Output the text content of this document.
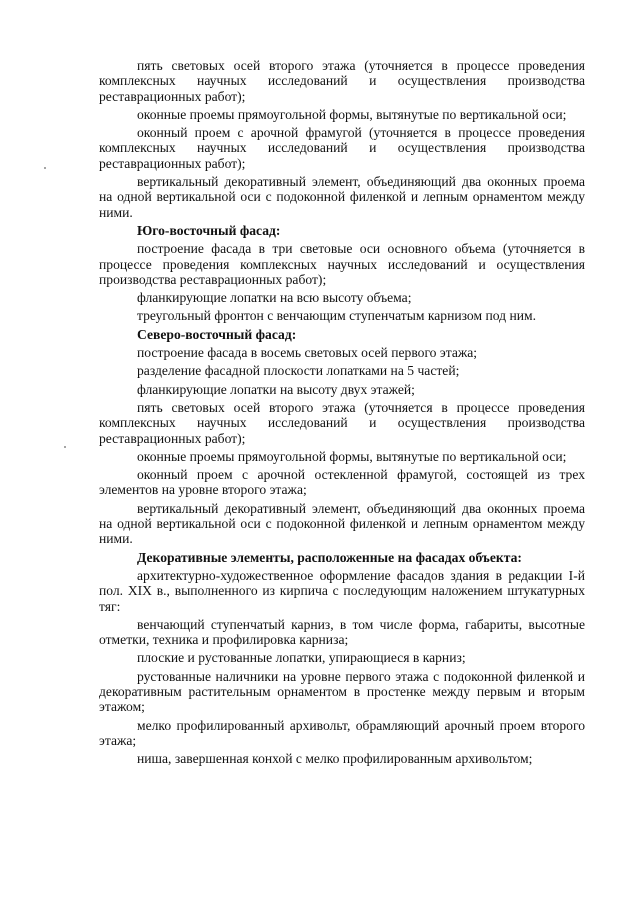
пять световых осей второго этажа (уточняется в процессе проведения комплексных научных исследований и осуществления производства реставрационных работ);

оконные проемы прямоугольной формы, вытянутые по вертикальной оси;

оконный проем с арочной фрамугой (уточняется в процессе проведения комплексных научных исследований и осуществления производства реставрационных работ);

вертикальный декоративный элемент, объединяющий два оконных проема на одной вертикальной оси с подоконной филенкой и лепным орнаментом между ними.

Юго-восточный фасад:

построение фасада в три световые оси основного объема (уточняется в процессе проведения комплексных научных исследований и осуществления производства реставрационных работ);

фланкирующие лопатки на всю высоту объема;

треугольный фронтон с венчающим ступенчатым карнизом под ним.

Северо-восточный фасад:

построение фасада в восемь световых осей первого этажа;

разделение фасадной плоскости лопатками на 5 частей;

фланкирующие лопатки на высоту двух этажей;

пять световых осей второго этажа (уточняется в процессе проведения комплексных научных исследований и осуществления производства реставрационных работ);

оконные проемы прямоугольной формы, вытянутые по вертикальной оси;

оконный проем с арочной остекленной фрамугой, состоящей из трех элементов на уровне второго этажа;

вертикальный декоративный элемент, объединяющий два оконных проема на одной вертикальной оси с подоконной филенкой и лепным орнаментом между ними.

Декоративные элементы, расположенные на фасадах объекта:

архитектурно-художественное оформление фасадов здания в редакции I-й пол. XIX в., выполненного из кирпича с последующим наложением штукатурных тяг:

венчающий ступенчатый карниз, в том числе форма, габариты, высотные отметки, техника и профилировка карниза;

плоские и рустованные лопатки, упирающиеся в карниз;

рустованные наличники на уровне первого этажа с подоконной филенкой и декоративным растительным орнаментом в простенке между первым и вторым этажом;

мелко профилированный архивольт, обрамляющий арочный проем второго этажа;

ниша, завершенная конхой с мелко профилированным архивольтом;
